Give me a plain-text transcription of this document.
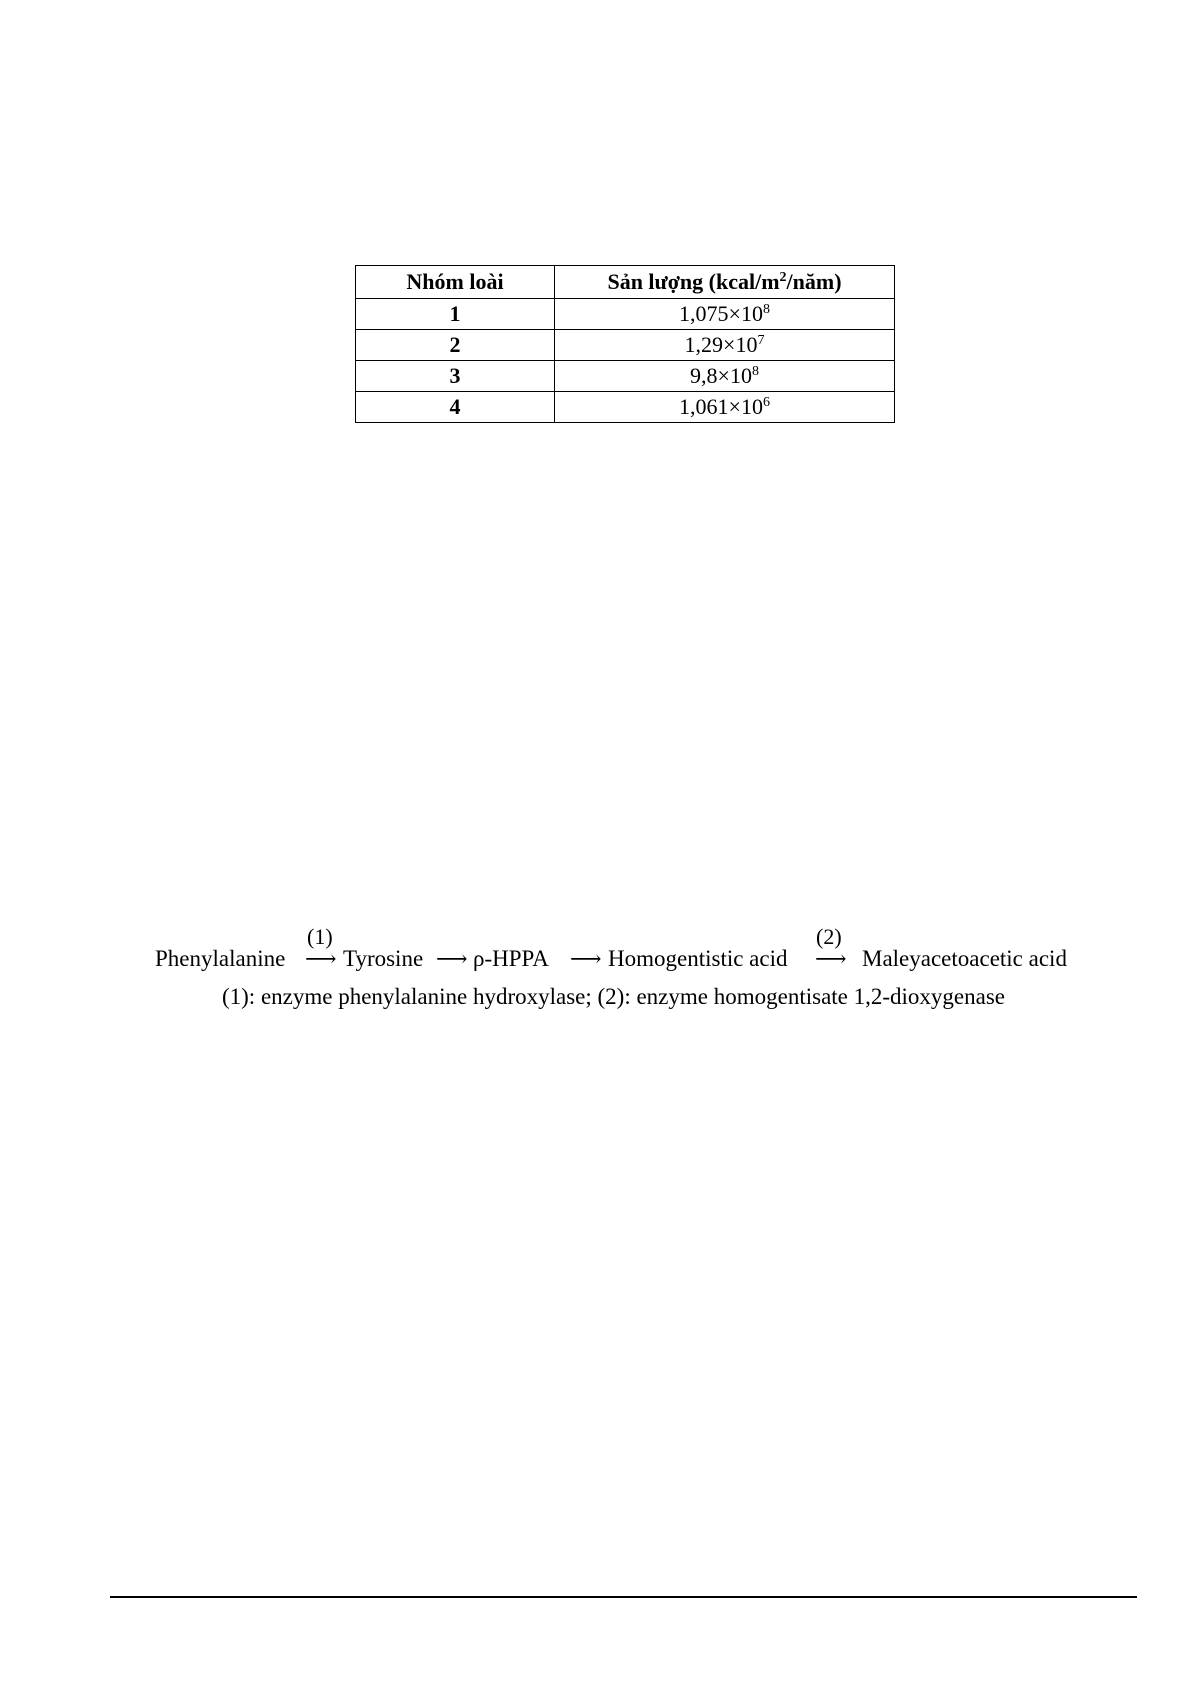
Nhóm loài	Sản lượng $(kcal/m^2/năm)$
1	$1,075\times 10^8$
2	$1,29\times 10^7$
3	$9,8\times 10^8$
4	$1,061\times 10^6$
Phenylalanine
(1)
⟶ Tyrosine ⟶ ρ-HPPA ⟶ Homogentistic acid
(2)
⟶ Maleyacetoacetic acid
(1): enzyme phenylalanine hydroxylase; (2): enzyme homogentisate 1,2-dioxygenase
